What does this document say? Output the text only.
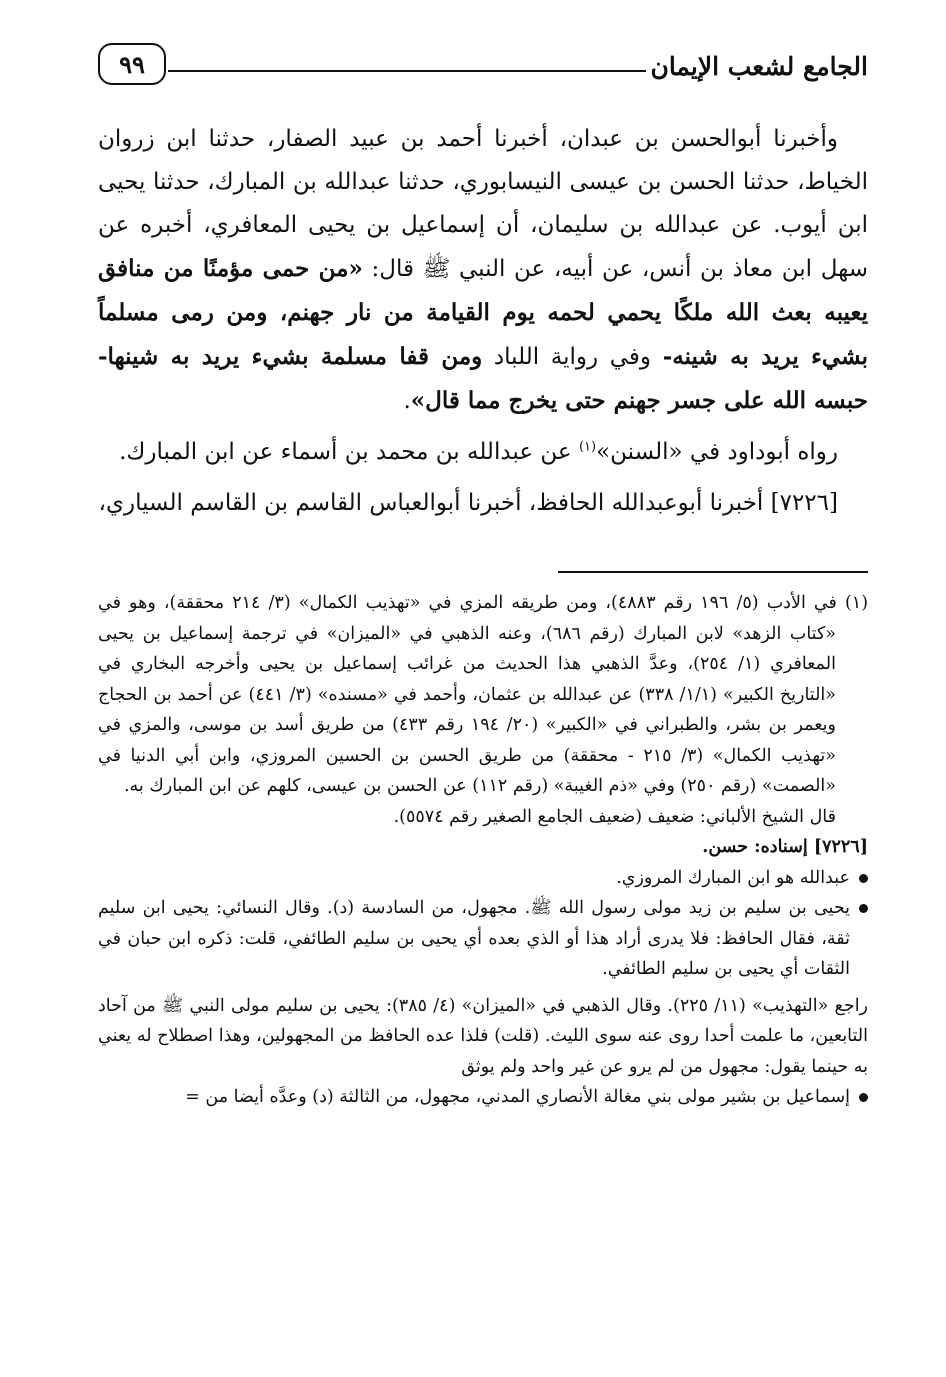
الجامع لشعب الإيمان
٩٩

وأخبرنا أبوالحسن بن عبدان، أخبرنا أحمد بن عبيد الصفار، حدثنا ابن زروان الخياط، حدثنا الحسن بن عيسى النيسابوري، حدثنا عبدالله بن المبارك، حدثنا يحيى ابن أيوب. عن عبدالله بن سليمان، أن إسماعيل بن يحيى المعافري، أخبره عن سهل ابن معاذ بن أنس، عن أبيه، عن النبي ﷺ قال: «من حمى مؤمنًا من منافق يعيبه بعث الله ملكًا يحمي لحمه يوم القيامة من نار جهنم، ومن رمى مسلماً بشيء يريد به شينه- وفي رواية اللباد ومن قفا مسلمة بشيء يريد به شينها- حبسه الله على جسر جهنم حتى يخرج مما قال».

رواه أبوداود في «السنن»$^{(١)}$ عن عبدالله بن محمد بن أسماء عن ابن المبارك.

[٧٢٢٦] أخبرنا أبوعبدالله الحافظ، أخبرنا أبوالعباس القاسم بن القاسم السياري،

(١) في الأدب (٥/ ١٩٦ رقم ٤٨٨٣)، ومن طريقه المزي في «تهذيب الكمال» (٣/ ٢١٤ محققة)، وهو في «كتاب الزهد» لابن المبارك (رقم ٦٨٦)، وعنه الذهبي في «الميزان» في ترجمة إسماعيل بن يحيى المعافري (١/ ٢٥٤)، وعدَّ الذهبي هذا الحديث من غرائب إسماعيل بن يحيى وأخرجه البخاري في «التاريخ الكبير» (١/١/ ٣٣٨) عن عبدالله بن عثمان، وأحمد في «مسنده» (٣/ ٤٤١) عن أحمد بن الحجاج ويعمر بن بشر، والطبراني في «الكبير» (٢٠/ ١٩٤ رقم ٤٣٣) من طريق أسد بن موسى، والمزي في «تهذيب الكمال» (٣/ ٢١٥ - محققة) من طريق الحسن بن الحسين المروزي، وابن أبي الدنيا في «الصمت» (رقم ٢٥٠) وفي «ذم الغيبة» (رقم ١١٢) عن الحسن بن عيسى، كلهم عن ابن المبارك به.

قال الشيخ الألباني: ضعيف (ضعيف الجامع الصغير رقم ٥٥٧٤).

[٧٢٢٦] إسناده: حسن.

عبدالله هو ابن المبارك المروزي.
يحيى بن سليم بن زيد مولى رسول الله ﷺ. مجهول، من السادسة (د). وقال النسائي: يحيى ابن سليم ثقة، فقال الحافظ: فلا يدرى أراد هذا أو الذي بعده أي يحيى بن سليم الطائفي، قلت: ذكره ابن حبان في الثقات أي يحيى بن سليم الطائفي.

راجع «التهذيب» (١١/ ٢٢٥). وقال الذهبي في «الميزان» (٤/ ٣٨٥): يحيى بن سليم مولى النبي ﷺ من آحاد التابعين، ما علمت أحدا روى عنه سوى الليث. (قلت) فلذا عده الحافظ من المجهولين، وهذا اصطلاح له يعني به حينما يقول: مجهول من لم يرو عن غير واحد ولم يوثق

إسماعيل بن بشير مولى بني مغالة الأنصاري المدني، مجهول، من الثالثة (د) وعدَّه أيضا من =
